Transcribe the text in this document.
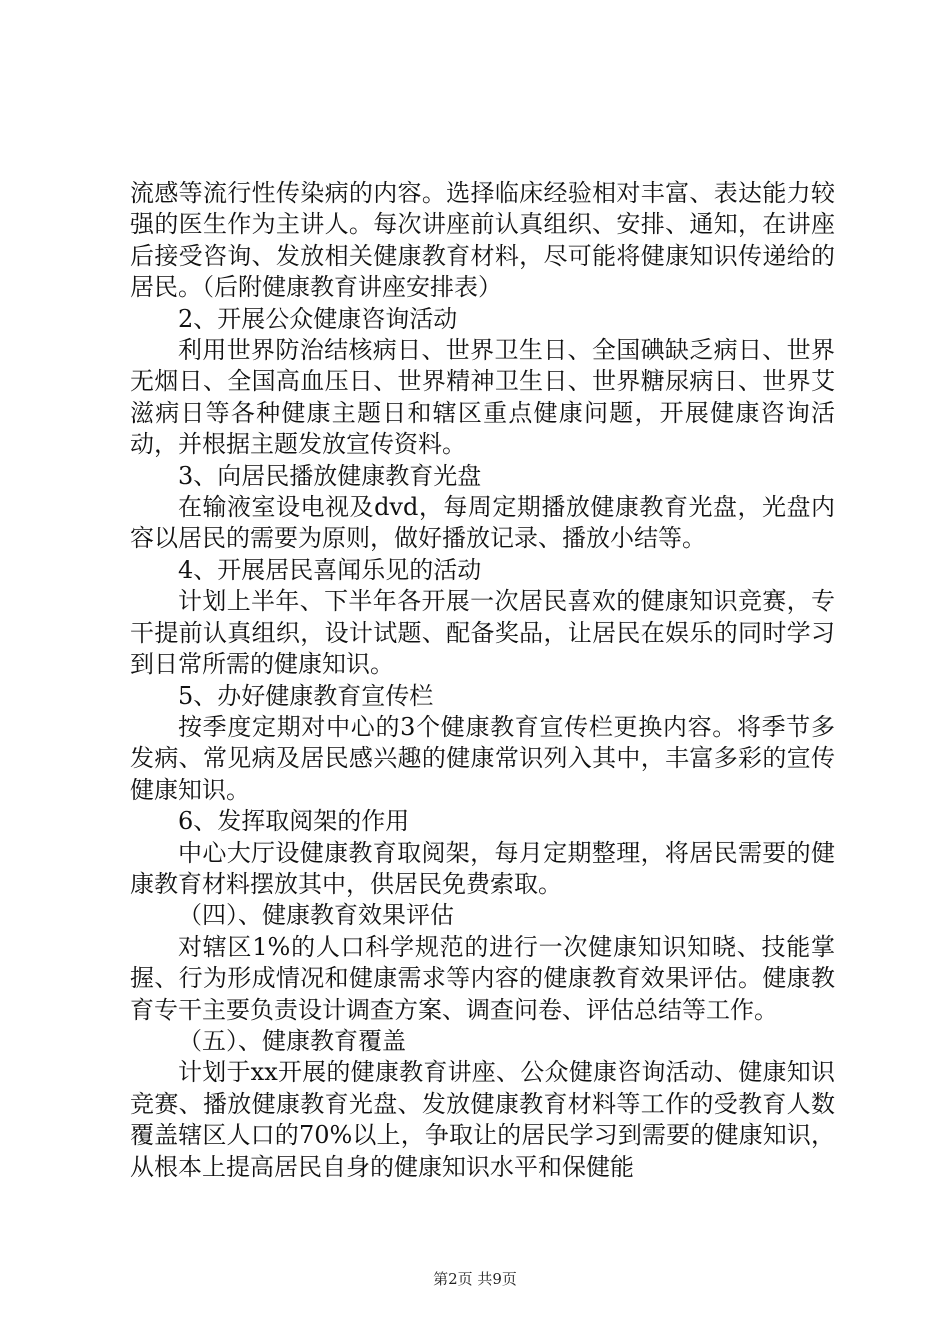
流感等流行性传染病的内容。选择临床经验相对丰富、表达能力较强的医生作为主讲人。每次讲座前认真组织、安排、通知，在讲座后接受咨询、发放相关健康教育材料，尽可能将健康知识传递给的居民。（后附健康教育讲座安排表）

2、开展公众健康咨询活动

利用世界防治结核病日、世界卫生日、全国碘缺乏病日、世界无烟日、全国高血压日、世界精神卫生日、世界糖尿病日、世界艾滋病日等各种健康主题日和辖区重点健康问题，开展健康咨询活动，并根据主题发放宣传资料。

3、向居民播放健康教育光盘

在输液室设电视及dvd，每周定期播放健康教育光盘，光盘内容以居民的需要为原则，做好播放记录、播放小结等。

4、开展居民喜闻乐见的活动

计划上半年、下半年各开展一次居民喜欢的健康知识竞赛，专干提前认真组织，设计试题、配备奖品，让居民在娱乐的同时学习到日常所需的健康知识。

5、办好健康教育宣传栏

按季度定期对中心的3个健康教育宣传栏更换内容。将季节多发病、常见病及居民感兴趣的健康常识列入其中，丰富多彩的宣传健康知识。

6、发挥取阅架的作用

中心大厅设健康教育取阅架，每月定期整理，将居民需要的健康教育材料摆放其中，供居民免费索取。

（四）、健康教育效果评估

对辖区1%的人口科学规范的进行一次健康知识知晓、技能掌握、行为形成情况和健康需求等内容的健康教育效果评估。健康教育专干主要负责设计调查方案、调查问卷、评估总结等工作。

（五）、健康教育覆盖

计划于xx开展的健康教育讲座、公众健康咨询活动、健康知识竞赛、播放健康教育光盘、发放健康教育材料等工作的受教育人数覆盖辖区人口的70%以上，争取让的居民学习到需要的健康知识，从根本上提高居民自身的健康知识水平和保健能

第2页 共9页
